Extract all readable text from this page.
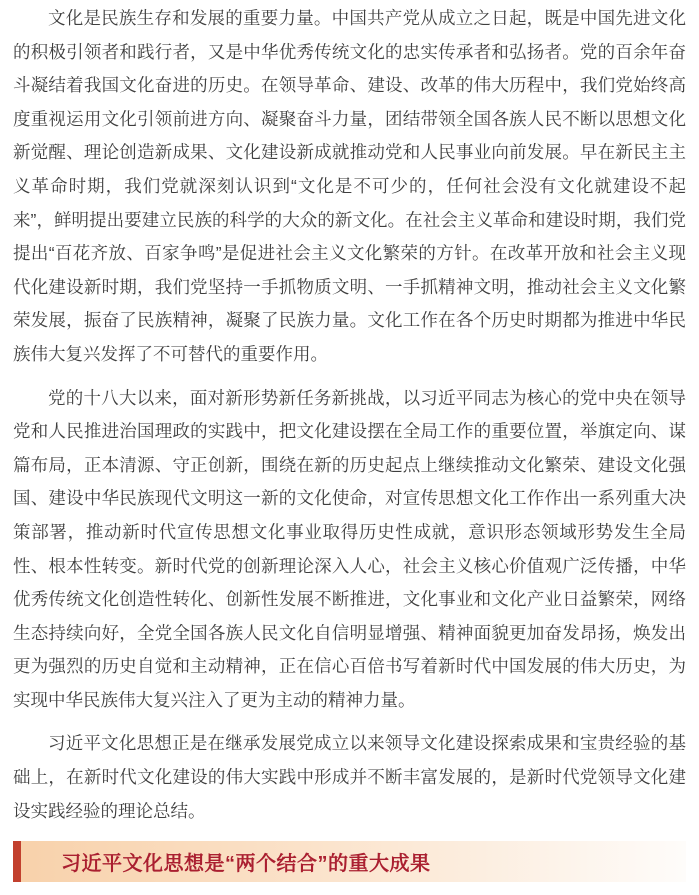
文化是民族生存和发展的重要力量。中国共产党从成立之日起，既是中国先进文化的积极引领者和践行者，又是中华优秀传统文化的忠实传承者和弘扬者。党的百余年奋斗凝结着我国文化奋进的历史。在领导革命、建设、改革的伟大历程中，我们党始终高度重视运用文化引领前进方向、凝聚奋斗力量，团结带领全国各族人民不断以思想文化新觉醒、理论创造新成果、文化建设新成就推动党和人民事业向前发展。早在新民主主义革命时期，我们党就深刻认识到“文化是不可少的，任何社会没有文化就建设不起来”，鲜明提出要建立民族的科学的大众的新文化。在社会主义革命和建设时期，我们党提出“百花齐放、百家争鸣”是促进社会主义文化繁荣的方针。在改革开放和社会主义现代化建设新时期，我们党坚持一手抓物质文明、一手抓精神文明，推动社会主义文化繁荣发展，振奋了民族精神，凝聚了民族力量。文化工作在各个历史时期都为推进中华民族伟大复兴发挥了不可替代的重要作用。

党的十八大以来，面对新形势新任务新挑战，以习近平同志为核心的党中央在领导党和人民推进治国理政的实践中，把文化建设摆在全局工作的重要位置，举旗定向、谋篇布局，正本清源、守正创新，围绕在新的历史起点上继续推动文化繁荣、建设文化强国、建设中华民族现代文明这一新的文化使命，对宣传思想文化工作作出一系列重大决策部署，推动新时代宣传思想文化事业取得历史性成就，意识形态领域形势发生全局性、根本性转变。新时代党的创新理论深入人心，社会主义核心价值观广泛传播，中华优秀传统文化创造性转化、创新性发展不断推进，文化事业和文化产业日益繁荣，网络生态持续向好，全党全国各族人民文化自信明显增强、精神面貌更加奋发昂扬，焕发出更为强烈的历史自觉和主动精神，正在信心百倍书写着新时代中国发展的伟大历史，为实现中华民族伟大复兴注入了更为主动的精神力量。

习近平文化思想正是在继承发展党成立以来领导文化建设探索成果和宝贵经验的基础上，在新时代文化建设的伟大实践中形成并不断丰富发展的，是新时代党领导文化建设实践经验的理论总结。

习近平文化思想是“两个结合”的重大成果
